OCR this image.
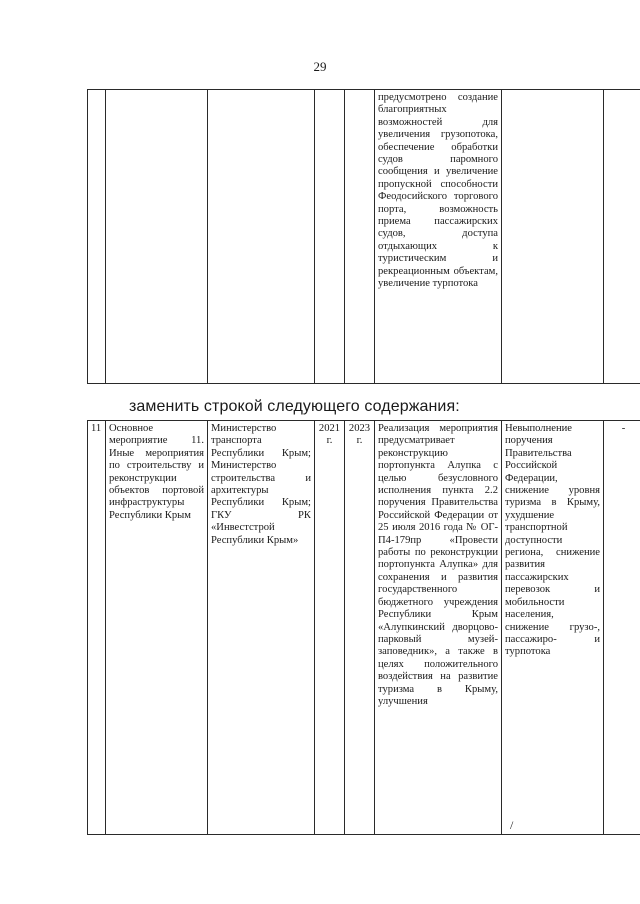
29
					предусмотрено создание благоприятных возможностей для увеличения грузопотока, обеспечение обработки судов паромного сообщения и увеличение пропускной способности Феодосийского торгового порта, возможность приема пассажирских судов, доступа отдыхающих к туристическим и рекреационным объектам, увеличение турпотока		
заменить строкой следующего содержания:
11	Основное мероприятие 11. Иные мероприятия по строительству и реконструкции объектов портовой инфраструктуры Республики Крым	Министерство транспорта Республики Крым; Министерство строительства и архитектуры Республики Крым; ГКУ РК «Инвестстрой Республики Крым»	2021 г.	2023 г.	Реализация мероприятия предусматривает реконструкцию портопункта Алупка с целью безусловного исполнения пункта 2.2 поручения Правительства Российской Федерации от 25 июля 2016 года № ОГ-П4-179пр «Провести работы по реконструкции портопункта Алупка» для сохранения и развития государственного бюджетного учреждения Республики Крым «Алупкинский дворцово-парковый музей-заповедник», а также в целях положительного воздействия на развитие туризма в Крыму, улучшения	Невыполнение поручения Правительства Российской Федерации, снижение уровня туризма в Крыму, ухудшение транспортной доступности региона, снижение развития пассажирских перевозок и мобильности населения, снижение грузо-, пассажиро- и турпотока	-
/
